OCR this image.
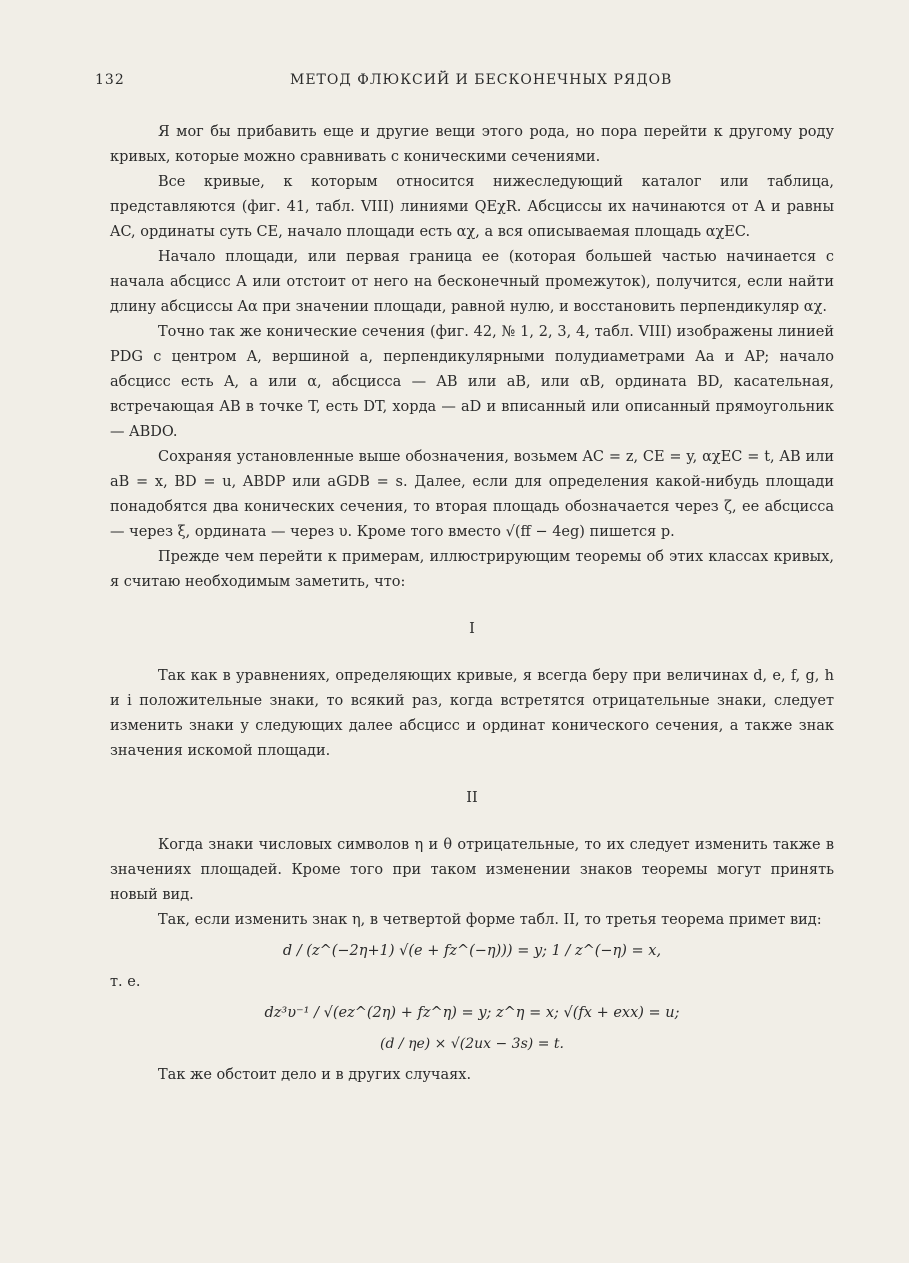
132	МЕТОД ФЛЮКСИЙ И БЕСКОНЕЧНЫХ РЯДОВ

Я мог бы прибавить еще и другие вещи этого рода, но пора перейти к другому роду кривых, которые можно сравнивать с коническими сечениями.

Все кривые, к которым относится нижеследующий каталог или таблица, представляются (фиг. 41, табл. VIII) линиями QEχR. Абсциссы их начинаются от A и равны AC, ординаты суть CE, начало площади есть αχ, а вся описываемая площадь αχEC.

Начало площади, или первая граница ее (которая большей частью начинается с начала абсцисс A или отстоит от него на бесконечный промежуток), получится, если найти длину абсциссы Aα при значении площади, равной нулю, и восстановить перпендикуляр αχ.

Точно так же конические сечения (фиг. 42, № 1, 2, 3, 4, табл. VIII) изображены линией PDG с центром A, вершиной a, перпендикулярными полудиаметрами Aa и AP; начало абсцисс есть A, a или α, абсцисса — AB или aB, или αB, ордината BD, касательная, встречающая AB в точке T, есть DT, хорда — aD и вписанный или описанный прямоугольник — ABDO.

Сохраняя установленные выше обозначения, возьмем AC = z, CE = y, αχEC = t, AB или aB = x, BD = u, ABDP или aGDB = s. Далее, если для определения какой-нибудь площади понадобятся два конических сечения, то вторая площадь обозначается через ζ, ее абсцисса — через ξ, ордината — через υ. Кроме того вместо √(ff − 4eg) пишется p.

Прежде чем перейти к примерам, иллюстрирующим теоремы об этих классах кривых, я считаю необходимым заметить, что:

I

Так как в уравнениях, определяющих кривые, я всегда беру при величинах d, e, f, g, h и i положительные знаки, то всякий раз, когда встретятся отрицательные знаки, следует изменить знаки у следующих далее абсцисс и ординат конического сечения, а также знак значения искомой площади.

II

Когда знаки числовых символов η и θ отрицательные, то их следует изменить также в значениях площадей. Кроме того при таком изменении знаков теоремы могут принять новый вид.

Так, если изменить знак η, в четвертой форме табл. II, то третья теорема примет вид:

d / (z^(−2η+1) √(e + fz^(−η))) = y; 1 / z^(−η) = x,

т. е.

dz³υ⁻¹ / √(ez^(2η) + fz^η) = y; z^η = x; √(fx + exx) = u;

(d / ηe) × √(2ux − 3s) = t.

Так же обстоит дело и в других случаях.
